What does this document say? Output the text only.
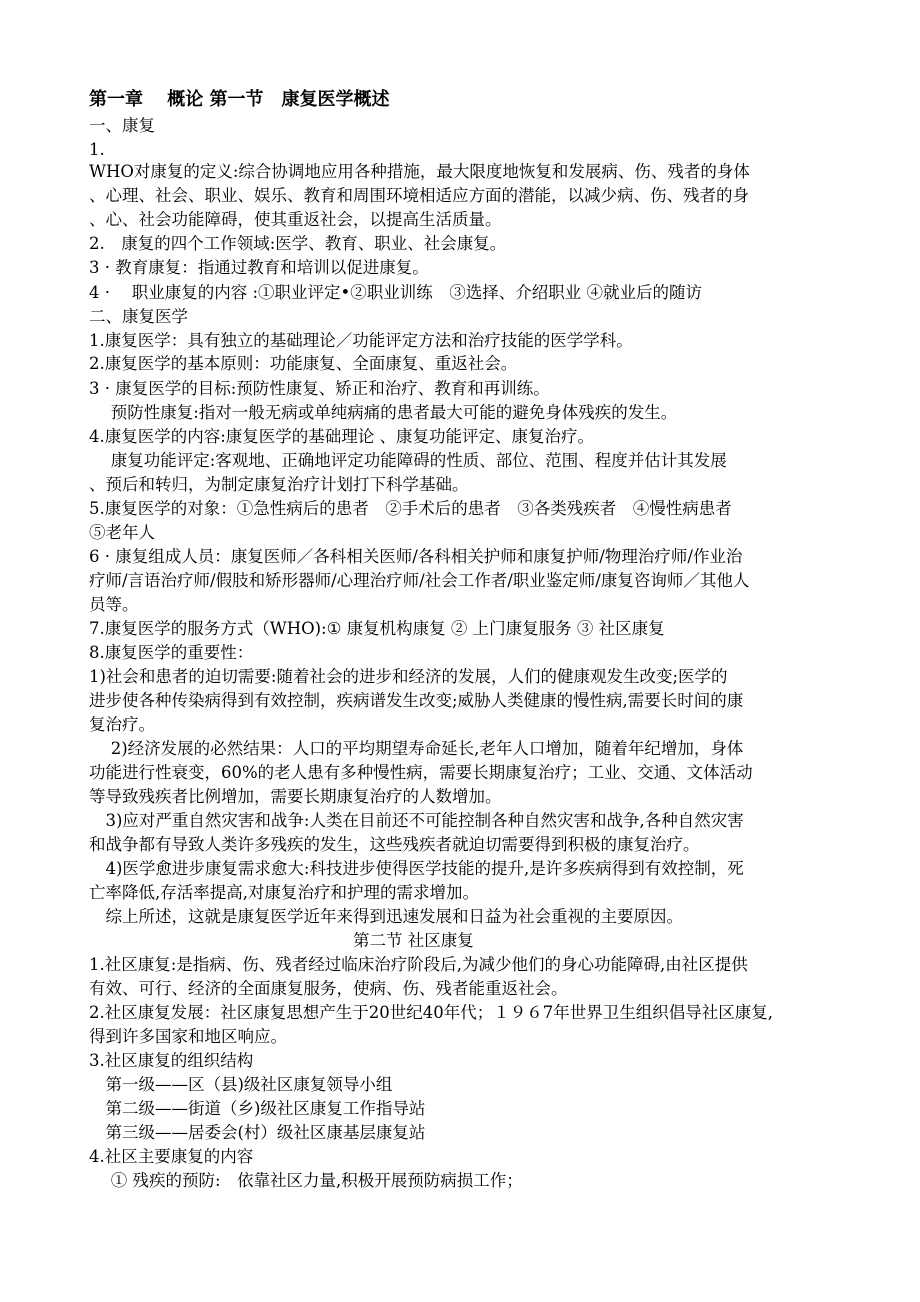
第一章　 概论 第一节　康复医学概述
一、康复
1.
WHO对康复的定义:综合协调地应用各种措施，最大限度地恢复和发展病、伤、残者的身体
、心理、社会、职业、娱乐、教育和周围环境相适应方面的潜能，以减少病、伤、残者的身
、心、社会功能障碍，使其重返社会，以提高生活质量。
2.　康复的四个工作领域:医学、教育、职业、社会康复。
3 · 教育康复：指通过教育和培训以促进康复。
4 ·　 职业康复的内容 :①职业评定•②职业训练　③选择、介绍职业 ④就业后的随访
二、康复医学
1.康复医学：具有独立的基础理论／功能评定方法和治疗技能的医学学科。
2.康复医学的基本原则：功能康复、全面康复、重返社会。
3 · 康复医学的目标:预防性康复、矫正和治疗、教育和再训练。
　 预防性康复:指对一般无病或单纯病痛的患者最大可能的避免身体残疾的发生。
4.康复医学的内容:康复医学的基础理论 、康复功能评定、康复治疗。
　 康复功能评定:客观地、正确地评定功能障碍的性质、部位、范围、程度并估计其发展
、预后和转归，为制定康复治疗计划打下科学基础。
5.康复医学的对象：①急性病后的患者　②手术后的患者　③各类残疾者　④慢性病患者
⑤老年人
6 · 康复组成人员：康复医师／各科相关医师/各科相关护师和康复护师/物理治疗师/作业治
疗师/言语治疗师/假肢和矫形器师/心理治疗师/社会工作者/职业鉴定师/康复咨询师／其他人
员等。
7.康复医学的服务方式（WHO):① 康复机构康复 ② 上门康复服务 ③ 社区康复
8.康复医学的重要性：
1)社会和患者的迫切需要:随着社会的进步和经济的发展，人们的健康观发生改变;医学的
进步使各种传染病得到有效控制，疾病谱发生改变;威胁人类健康的慢性病,需要长时间的康
复治疗。
　 2)经济发展的必然结果：人口的平均期望寿命延长,老年人口增加，随着年纪增加，身体
功能进行性衰变，60%的老人患有多种慢性病，需要长期康复治疗；工业、交通、文体活动
等导致残疾者比例增加，需要长期康复治疗的人数增加。
　3)应对严重自然灾害和战争:人类在目前还不可能控制各种自然灾害和战争,各种自然灾害
和战争都有导致人类许多残疾的发生，这些残疾者就迫切需要得到积极的康复治疗。
　4)医学愈进步康复需求愈大:科技进步使得医学技能的提升,是许多疾病得到有效控制，死
亡率降低,存活率提高,对康复治疗和护理的需求增加。
　综上所述，这就是康复医学近年来得到迅速发展和日益为社会重视的主要原因。
　　　　　　　　　　　　　　　　第二节 社区康复
1.社区康复:是指病、伤、残者经过临床治疗阶段后,为减少他们的身心功能障碍,由社区提供
有效、可行、经济的全面康复服务，使病、伤、残者能重返社会。
2.社区康复发展：社区康复思想产生于20世纪40年代；１９６7年世界卫生组织倡导社区康复,
得到许多国家和地区响应。
3.社区康复的组织结构
　第一级——区（县)级社区康复领导小组
　第二级——街道（乡)级社区康复工作指导站
　第三级——居委会(村）级社区康基层康复站
4.社区主要康复的内容
　 ① 残疾的预防:　依靠社区力量,积极开展预防病损工作；
